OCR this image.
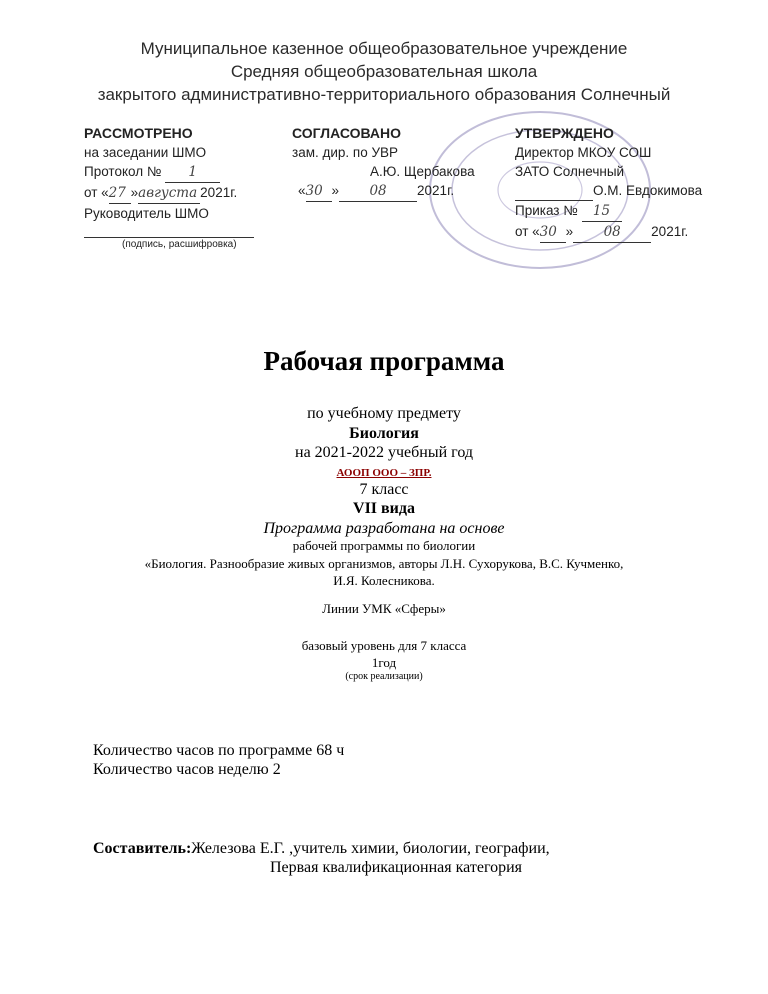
Муниципальное казенное общеобразовательное учреждение
Средняя общеобразовательная школа
закрытого административно-территориального образования Солнечный
РАССМОТРЕНО
на заседании ШМО
Протокол № 1
от «27 »августа 2021г.
Руководитель ШМО
(подпись, расшифровка)
СОГЛАСОВАНО
зам. дир. по УВР
А.Ю. Щербакова
«30 » 08 2021г.
УТВЕРЖДЕНО
Директор МКОУ СОШ
ЗАТО Солнечный
О.М. Евдокимова
Приказ № 15
от «30 » 08 2021г.
Рабочая программа
по учебному предмету
Биология
на 2021-2022 учебный год
АООП ООО – ЗПР.
7 класс
VII вида
Программа разработана на основе
рабочей программы по биологии
«Биология. Разнообразие живых организмов, авторы Л.Н. Сухорукова, В.С. Кучменко,
И.Я. Колесникова.
Линии УМК «Сферы»
базовый уровень для 7 класса
1год
(срок реализации)
Количество часов по программе 68 ч
Количество часов неделю 2
Составитель:Железова Е.Г. ,учитель химии, биологии, географии,
Первая квалификационная категория
